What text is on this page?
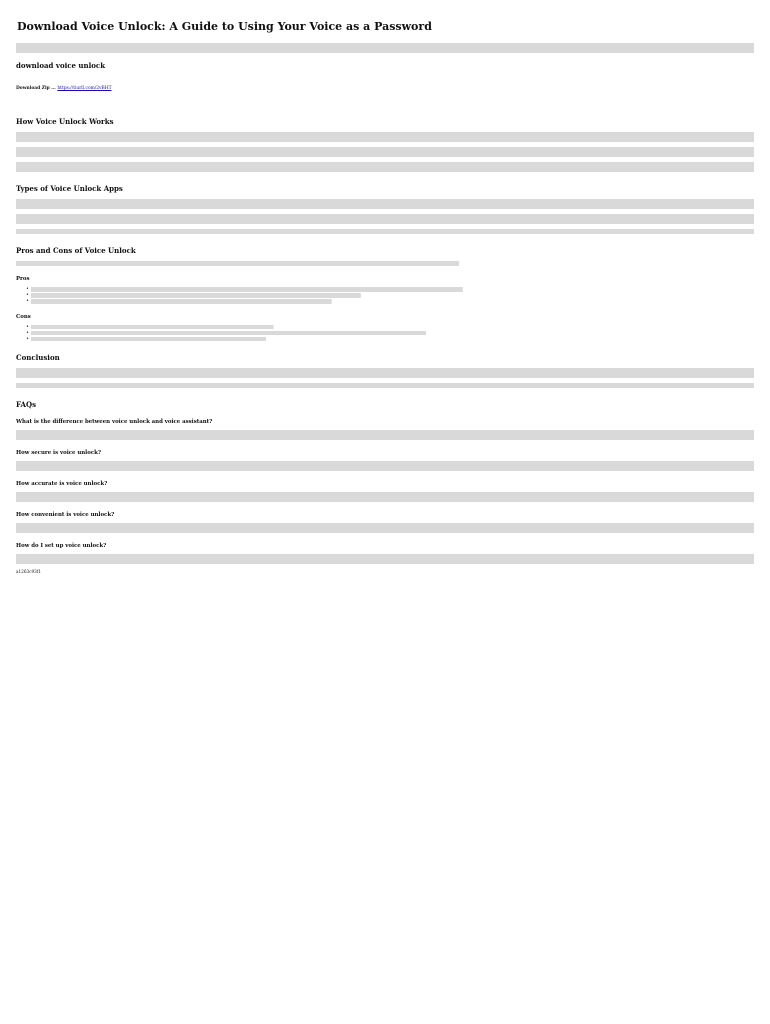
Download Voice Unlock: A Guide to Using Your Voice as a Password

download voice unlock
Download Zip ... https://tiurll.com/2vBHT
How Voice Unlock Works

Types of Voice Unlock Apps

Pros and Cons of Voice Unlock

Pros
Cons
Conclusion

FAQs
What is the difference between voice unlock and voice assistant?

How secure is voice unlock?

How accurate is voice unlock?

How convenient is voice unlock?

How do I set up voice unlock?

a1263c93f1
